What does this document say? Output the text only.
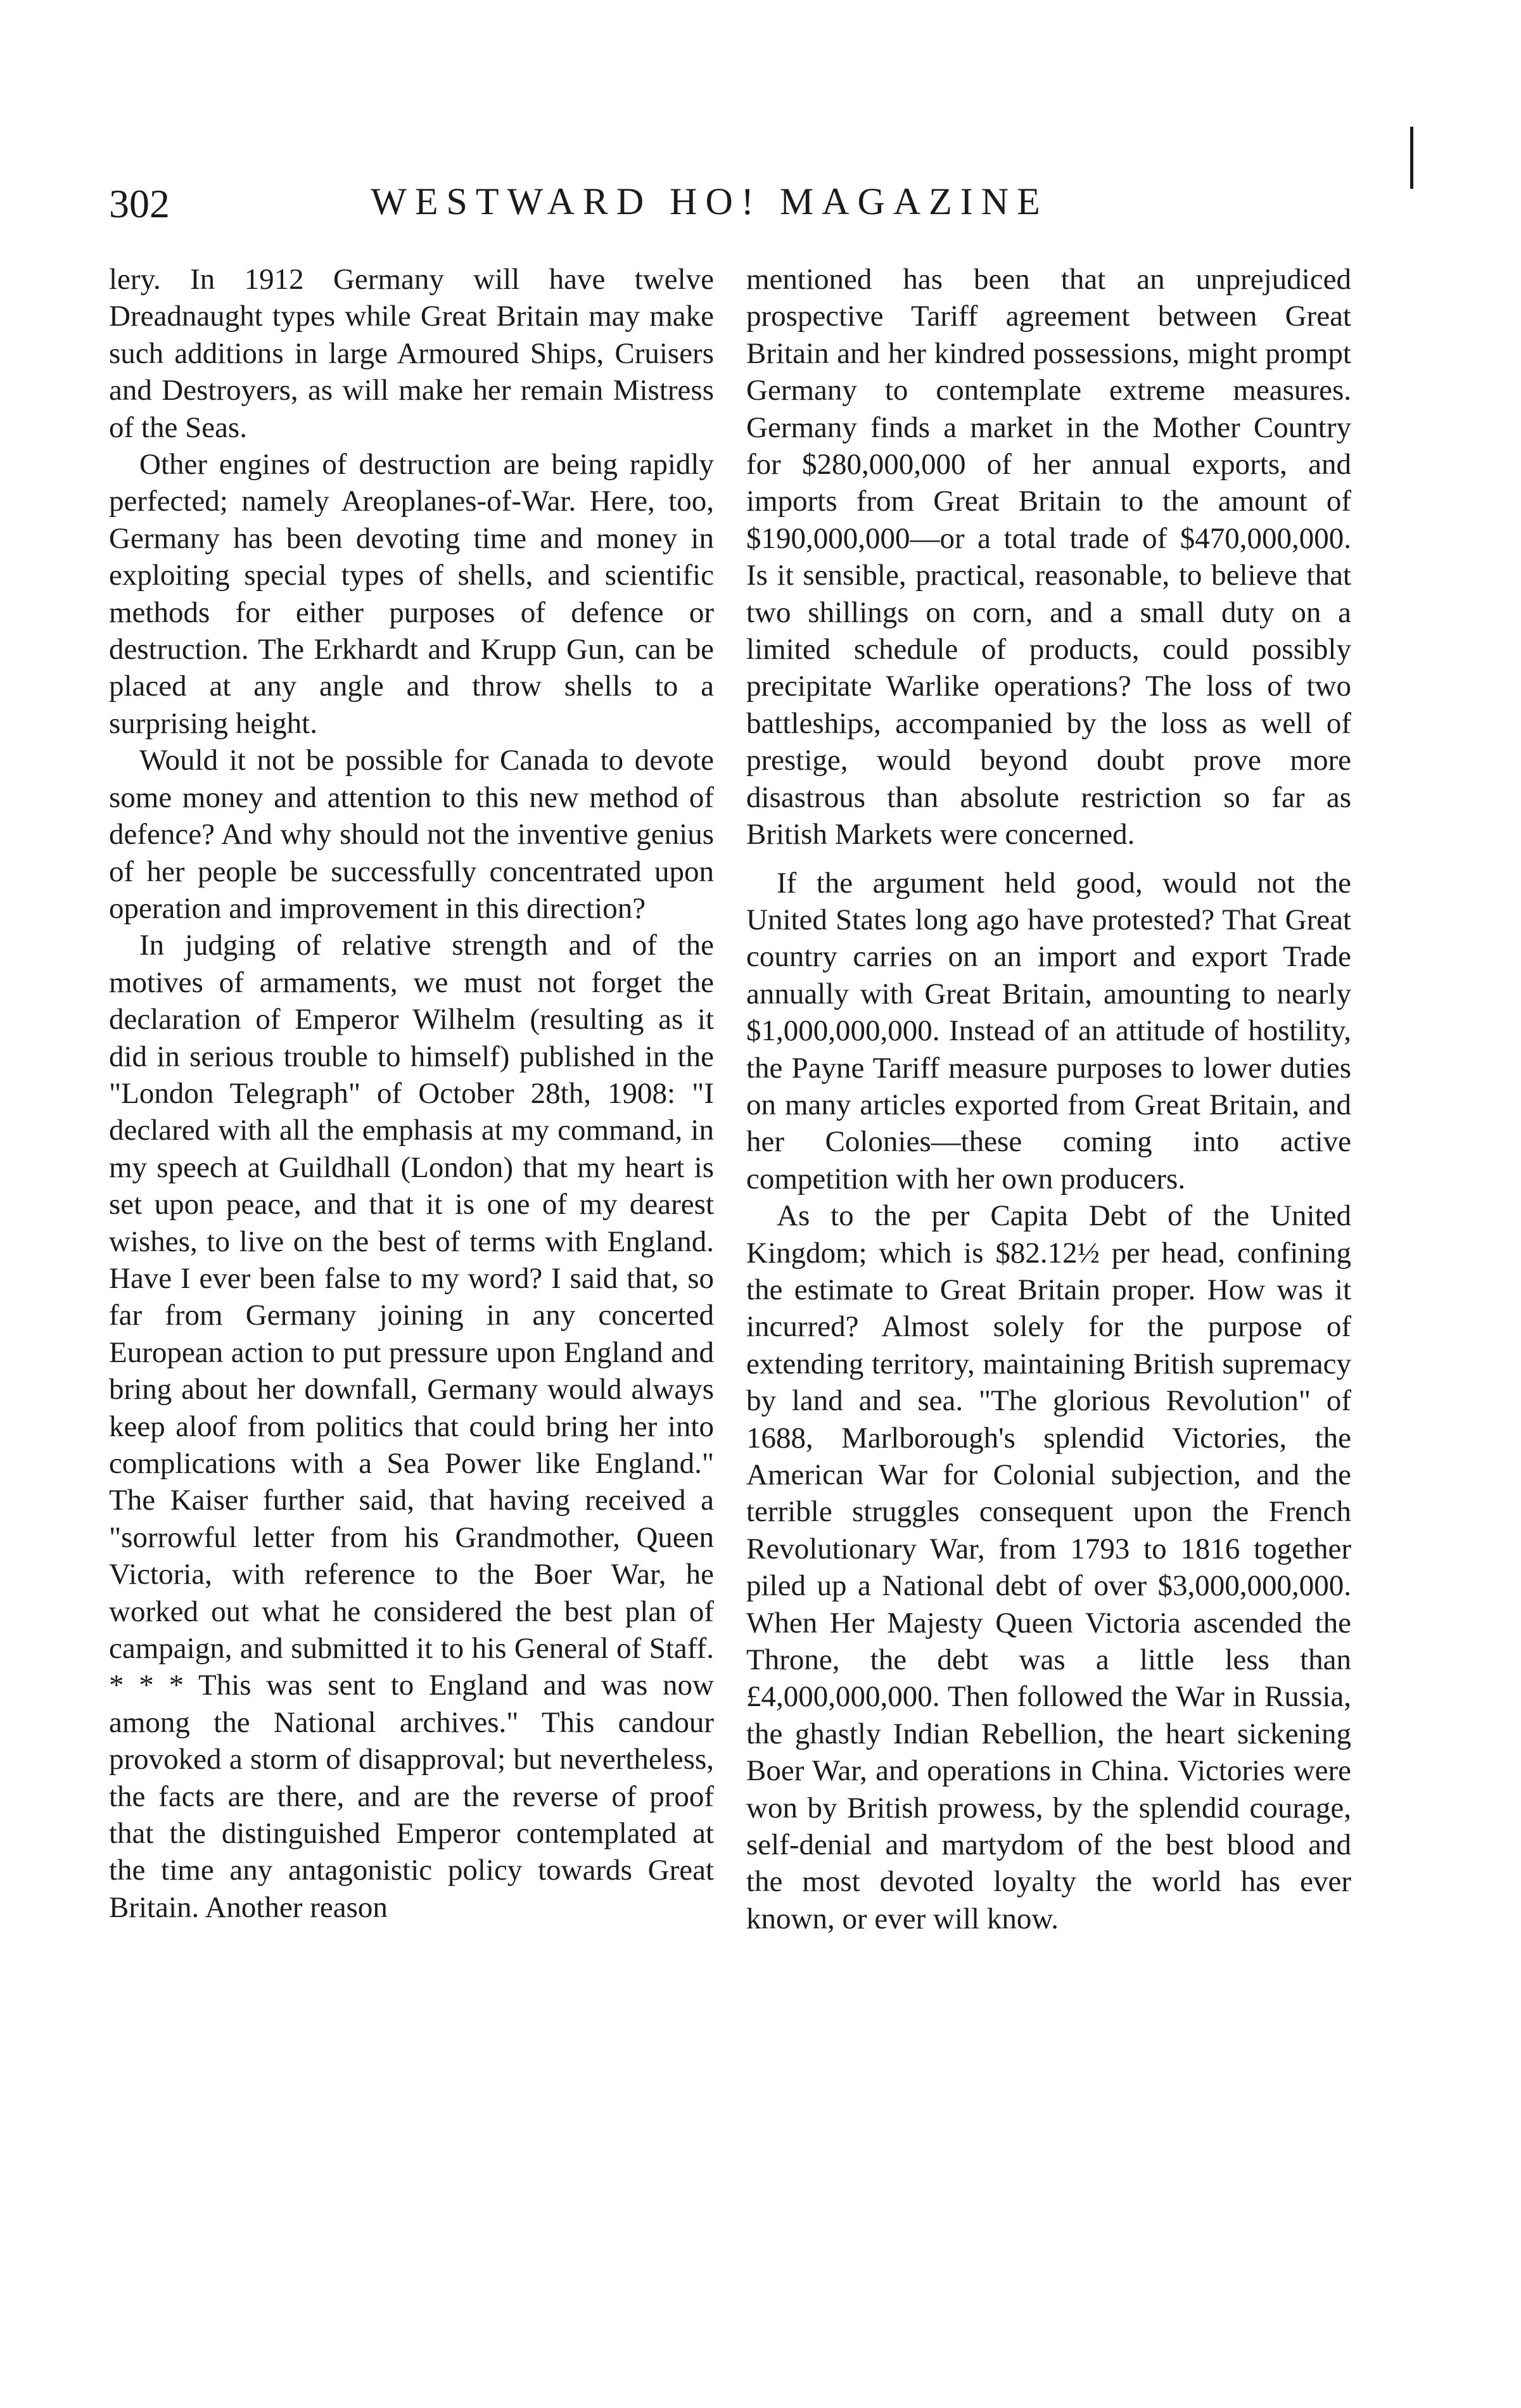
302	WESTWARD HO! MAGAZINE

lery. In 1912 Germany will have twelve Dreadnaught types while Great Britain may make such additions in large Armoured Ships, Cruisers and Destroyers, as will make her remain Mistress of the Seas.

Other engines of destruction are being rapidly perfected; namely Areoplanes-of-War. Here, too, Germany has been devoting time and money in exploiting special types of shells, and scientific methods for either purposes of defence or destruction. The Erkhardt and Krupp Gun, can be placed at any angle and throw shells to a surprising height.

Would it not be possible for Canada to devote some money and attention to this new method of defence? And why should not the inventive genius of her people be successfully concentrated upon operation and improvement in this direction?

In judging of relative strength and of the motives of armaments, we must not forget the declaration of Emperor Wilhelm (resulting as it did in serious trouble to himself) published in the "London Telegraph" of October 28th, 1908: "I declared with all the emphasis at my command, in my speech at Guildhall (London) that my heart is set upon peace, and that it is one of my dearest wishes, to live on the best of terms with England. Have I ever been false to my word? I said that, so far from Germany joining in any concerted European action to put pressure upon England and bring about her downfall, Germany would always keep aloof from politics that could bring her into complications with a Sea Power like England." The Kaiser further said, that having received a "sorrowful letter from his Grandmother, Queen Victoria, with reference to the Boer War, he worked out what he considered the best plan of campaign, and submitted it to his General of Staff. * * * This was sent to England and was now among the National archives." This candour provoked a storm of disapproval; but nevertheless, the facts are there, and are the reverse of proof that the distinguished Emperor contemplated at the time any antagonistic policy towards Great Britain. Another reason

mentioned has been that an unprejudiced prospective Tariff agreement between Great Britain and her kindred possessions, might prompt Germany to contemplate extreme measures. Germany finds a market in the Mother Country for $280,000,000 of her annual exports, and imports from Great Britain to the amount of $190,000,000—or a total trade of $470,000,000. Is it sensible, practical, reasonable, to believe that two shillings on corn, and a small duty on a limited schedule of products, could possibly precipitate Warlike operations? The loss of two battleships, accompanied by the loss as well of prestige, would beyond doubt prove more disastrous than absolute restriction so far as British Markets were concerned.

If the argument held good, would not the United States long ago have protested? That Great country carries on an import and export Trade annually with Great Britain, amounting to nearly $1,000,000,000. Instead of an attitude of hostility, the Payne Tariff measure purposes to lower duties on many articles exported from Great Britain, and her Colonies—these coming into active competition with her own producers.

As to the per Capita Debt of the United Kingdom; which is $82.12½ per head, confining the estimate to Great Britain proper. How was it incurred? Almost solely for the purpose of extending territory, maintaining British supremacy by land and sea. "The glorious Revolution" of 1688, Marlborough's splendid Victories, the American War for Colonial subjection, and the terrible struggles consequent upon the French Revolutionary War, from 1793 to 1816 together piled up a National debt of over $3,000,000,000. When Her Majesty Queen Victoria ascended the Throne, the debt was a little less than £4,000,000,000. Then followed the War in Russia, the ghastly Indian Rebellion, the heart sickening Boer War, and operations in China. Victories were won by British prowess, by the splendid courage, self-denial and martydom of the best blood and the most devoted loyalty the world has ever known, or ever will know.
